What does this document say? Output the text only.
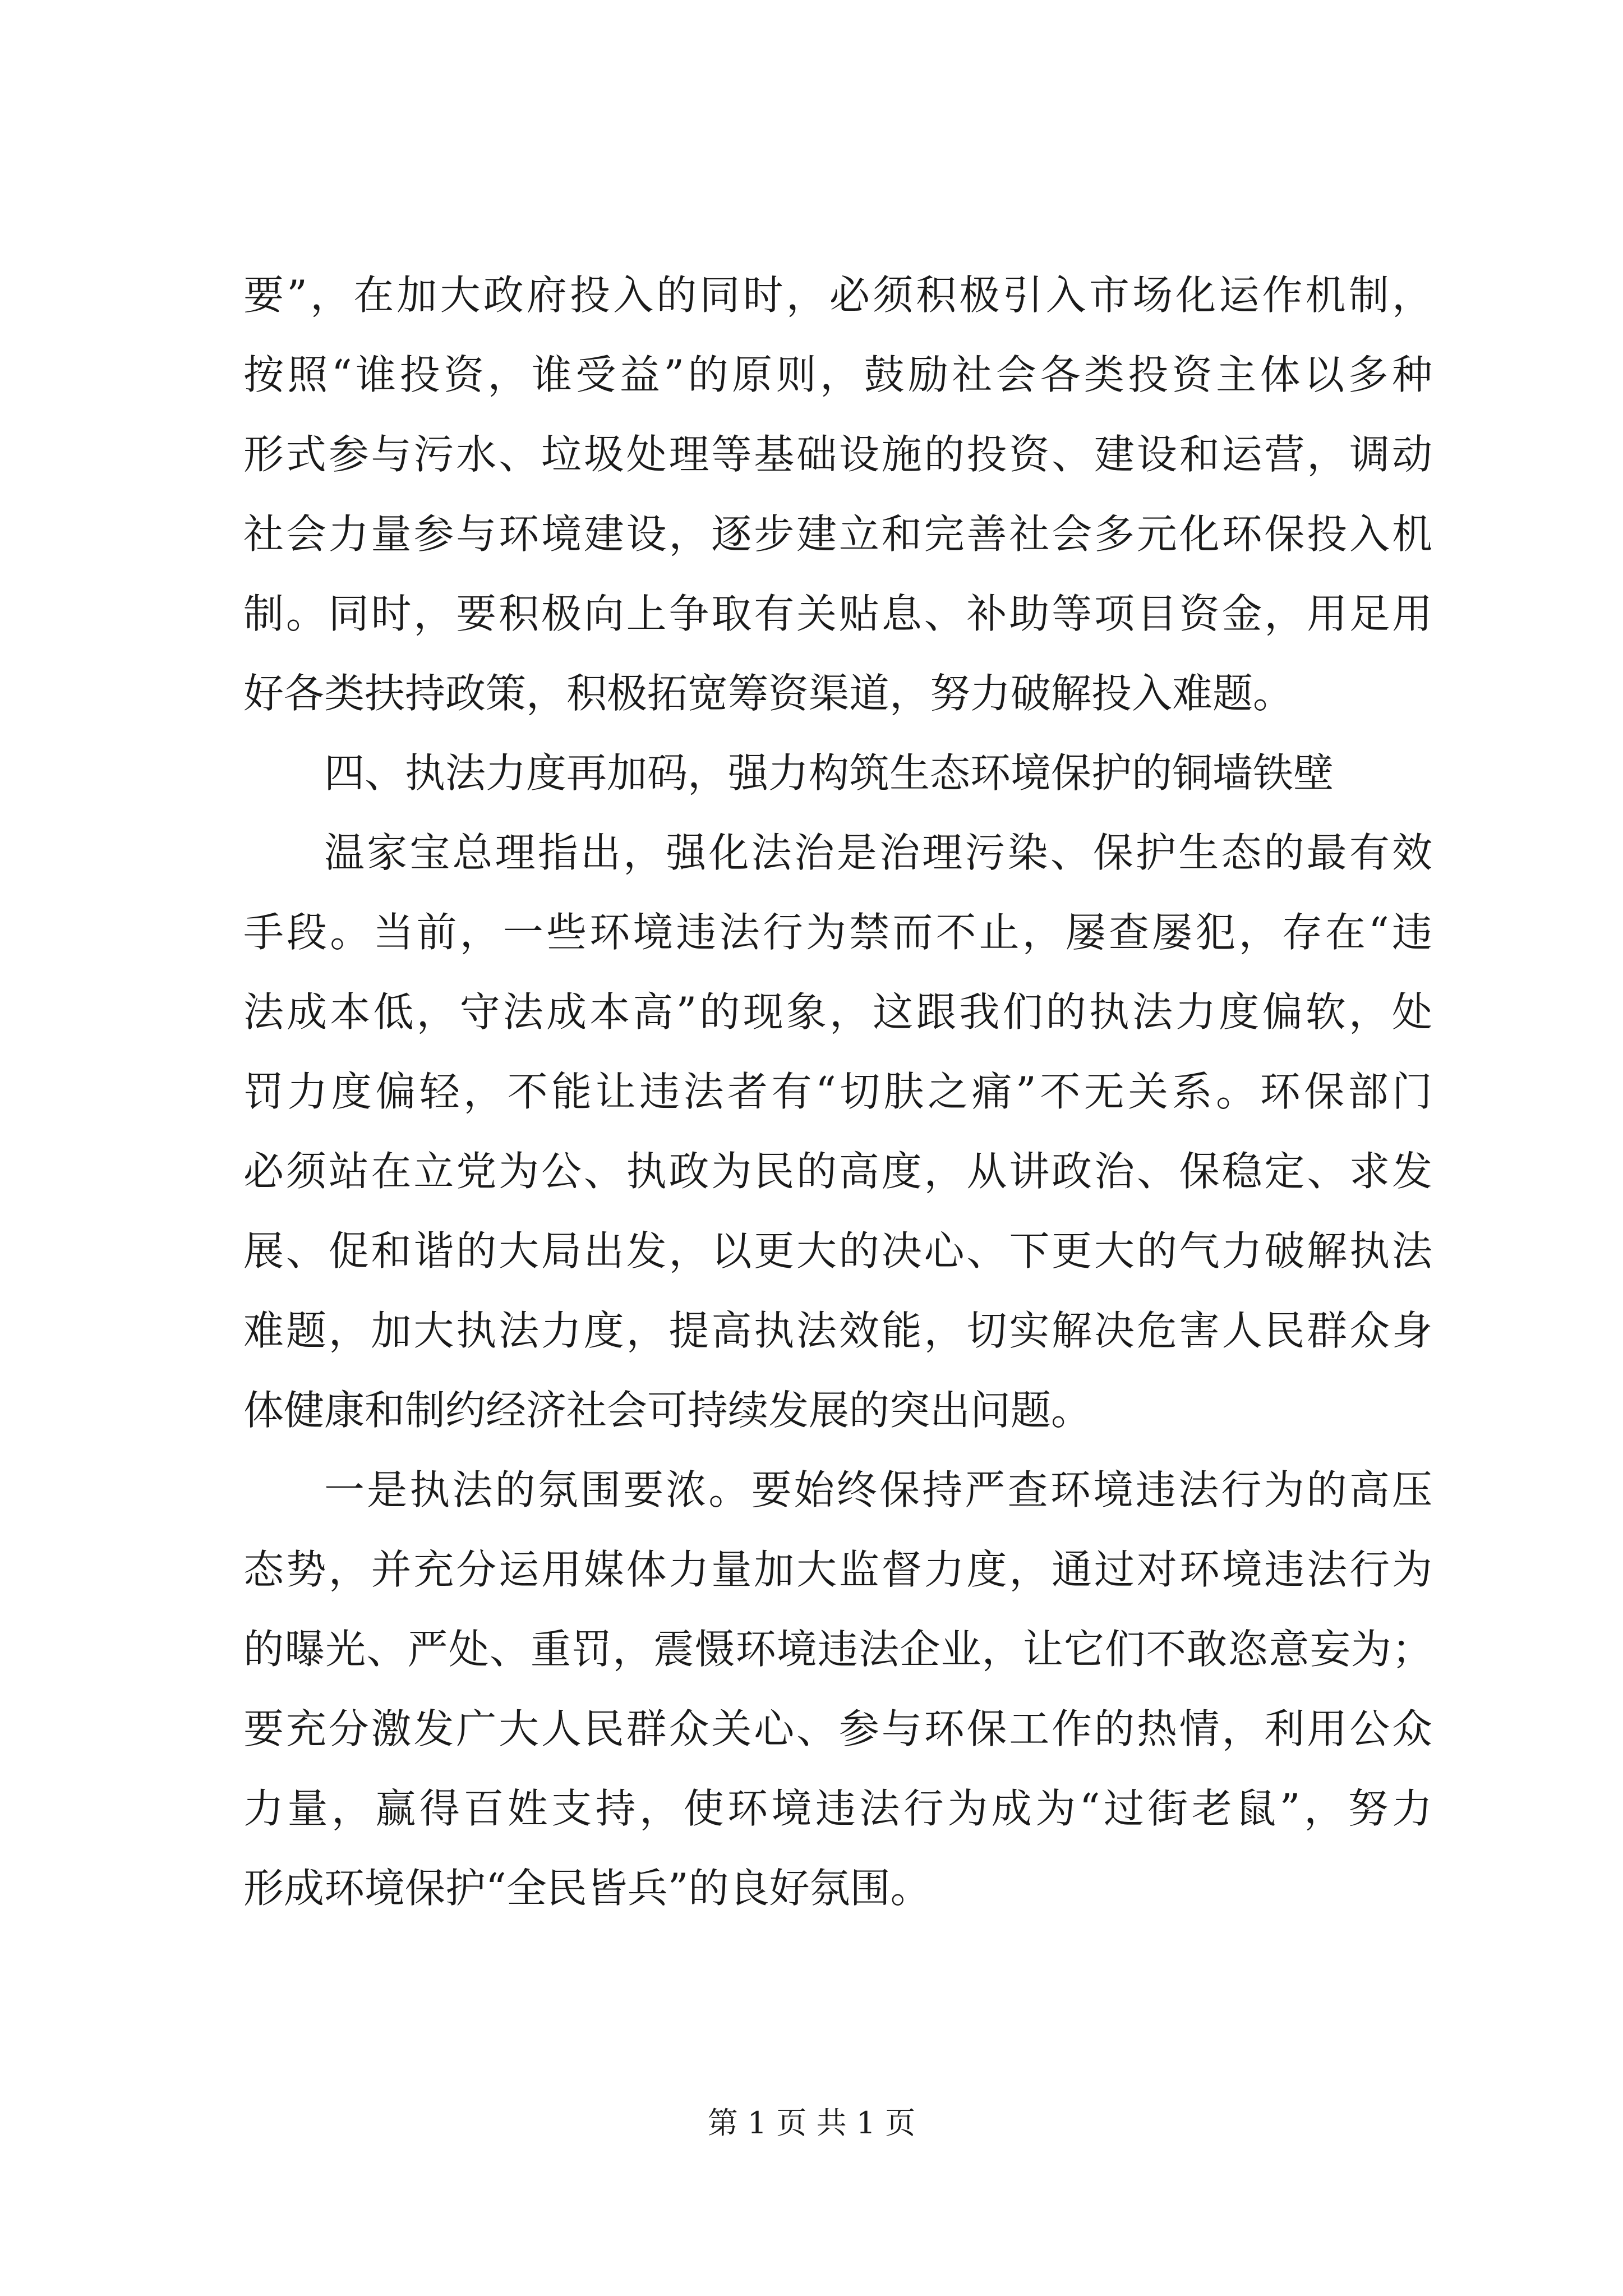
要”，在加大政府投入的同时，必须积极引入市场化运作机制，
按照“谁投资，谁受益”的原则，鼓励社会各类投资主体以多种
形式参与污水、垃圾处理等基础设施的投资、建设和运营，调动
社会力量参与环境建设，逐步建立和完善社会多元化环保投入机
制。同时，要积极向上争取有关贴息、补助等项目资金，用足用
好各类扶持政策，积极拓宽筹资渠道，努力破解投入难题。
四、执法力度再加码，强力构筑生态环境保护的铜墙铁壁
温家宝总理指出，强化法治是治理污染、保护生态的最有效
手段。当前，一些环境违法行为禁而不止，屡查屡犯，存在“违
法成本低，守法成本高”的现象，这跟我们的执法力度偏软，处
罚力度偏轻，不能让违法者有“切肤之痛”不无关系。环保部门
必须站在立党为公、执政为民的高度，从讲政治、保稳定、求发
展、促和谐的大局出发，以更大的决心、下更大的气力破解执法
难题，加大执法力度，提高执法效能，切实解决危害人民群众身
体健康和制约经济社会可持续发展的突出问题。
一是执法的氛围要浓。要始终保持严查环境违法行为的高压
态势，并充分运用媒体力量加大监督力度，通过对环境违法行为
的曝光、严处、重罚，震慑环境违法企业，让它们不敢恣意妄为；
要充分激发广大人民群众关心、参与环保工作的热情，利用公众
力量，赢得百姓支持，使环境违法行为成为“过街老鼠”，努力
形成环境保护“全民皆兵”的良好氛围。
第 1 页 共 1 页
